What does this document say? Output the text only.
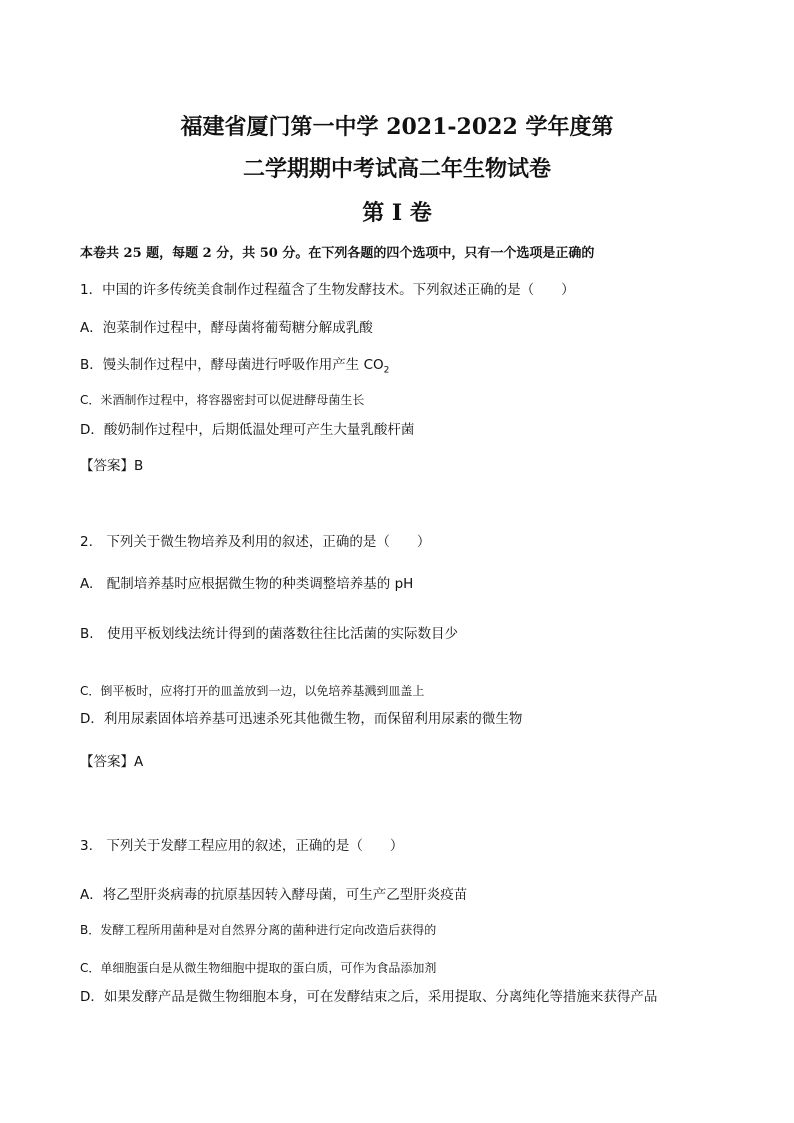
福建省厦门第一中学 2021-2022 学年度第
二学期期中考试高二年生物试卷
第 I 卷
本卷共 25 题，每题 2 分，共 50 分。在下列各题的四个选项中，只有一个选项是正确的
1．中国的许多传统美食制作过程蕴含了生物发酵技术。下列叙述正确的是（　　）
A．泡菜制作过程中，酵母菌将葡萄糖分解成乳酸
B．馒头制作过程中，酵母菌进行呼吸作用产生 $CO_2$
C．米酒制作过程中，将容器密封可以促进酵母菌生长
D．酸奶制作过程中，后期低温处理可产生大量乳酸杆菌
【答案】B
2.　下列关于微生物培养及利用的叙述，正确的是（　　）
A.　配制培养基时应根据微生物的种类调整培养基的 pH
B.　使用平板划线法统计得到的菌落数往往比活菌的实际数目少
C．倒平板时，应将打开的皿盖放到一边，以免培养基溅到皿盖上
D．利用尿素固体培养基可迅速杀死其他微生物，而保留利用尿素的微生物
【答案】A
3.　下列关于发酵工程应用的叙述，正确的是（　　）
A．将乙型肝炎病毒的抗原基因转入酵母菌，可生产乙型肝炎疫苗
B．发酵工程所用菌种是对自然界分离的菌种进行定向改造后获得的
C．单细胞蛋白是从微生物细胞中提取的蛋白质，可作为食品添加剂
D．如果发酵产品是微生物细胞本身，可在发酵结束之后，采用提取、分离纯化等措施来获得产品
